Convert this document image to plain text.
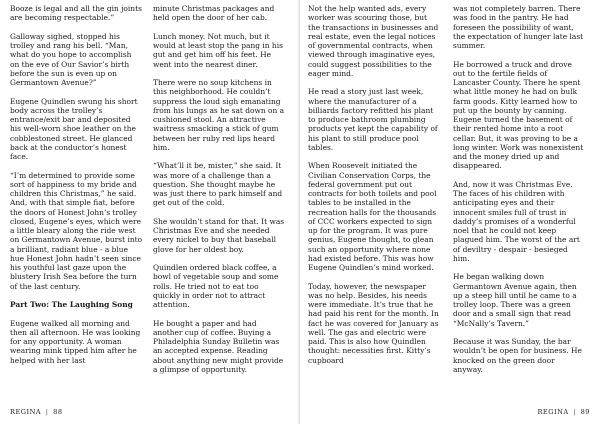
Booze is legal and all the gin joints are becoming respectable.”

Galloway sighed, stopped his trolley and rang his bell. “Man, what do you hope to accomplish on the eve of Our Savior’s birth before the sun is even up on Germantown Avenue?”

Eugene Quindlen swung his short body across the trolley’s entrance/exit bar and deposited his well-worn shoe leather on the cobblestoned street. He glanced back at the conductor’s honest face.

“I’m determined to provide some sort of happiness to my bride and children this Christmas,” he said. And, with that simple fiat, before the doors of Honest John’s trolley closed, Eugene’s eyes, which were a little bleary along the ride west on Germantown Avenue, burst into a brilliant, radiant blue - a blue hue Honest John hadn’t seen since his youthful last gaze upon the blustery Irish Sea before the turn of the last century.

Part Two: The Laughing Song

Eugene walked all morning and then all afternoon. He was looking for any opportunity. A woman wearing mink tipped him after he helped with her last

minute Christmas packages and held open the door of her cab.

Lunch money. Not much, but it would at least stop the pang in his gut and get him off his feet. He went into the nearest diner.

There were no soup kitchens in this neighborhood. He couldn’t suppress the loud sigh emanating from his lungs as he sat down on a cushioned stool. An attractive waitress smacking a stick of gum between her ruby red lips heard him.

“What’ll it be, mister,” she said. It was more of a challenge than a question. She thought maybe he was just there to park himself and get out of the cold.

She wouldn’t stand for that. It was Christmas Eve and she needed every nickel to buy that baseball glove for her oldest boy.

Quindlen ordered black coffee, a bowl of vegetable soup and some rolls. He tried not to eat too quickly in order not to attract attention.

He bought a paper and had another cup of coffee. Buying a Philadelphia Sunday Bulletin was an accepted expense. Reading about anything new might provide a glimpse of opportunity.

REGINA | 88

Not the help wanted ads, every worker was scouring those, but the transactions in businesses and real estate, even the legal notices of governmental contracts, when viewed through imaginative eyes, could suggest possibilities to the eager mind.

He read a story just last week, where the manufacturer of a billiards factory refitted his plant to produce bathroom plumbing products yet kept the capability of his plant to still produce pool tables.

When Roosevelt initiated the Civilian Conservation Corps, the federal government put out contracts for both toilets and pool tables to be installed in the recreation halls for the thousands of CCC workers expected to sign up for the program. It was pure genius, Eugene thought, to glean such an opportunity where none had existed before. This was how Eugene Quindlen’s mind worked.

Today, however, the newspaper was no help. Besides, his needs were immediate. It’s true that he had paid his rent for the month. In fact he was covered for January as well. The gas and electric were paid. This is also how Quindlen thought: necessities first. Kitty’s cupboard

was not completely barren. There was food in the pantry. He had foreseen the possibility of want, the expectation of hunger late last summer.

He borrowed a truck and drove out to the fertile fields of Lancaster County. There he spent what little money he had on bulk farm goods. Kitty learned how to put up the bounty by canning. Eugene turned the basement of their rented home into a root cellar. But, it was proving to be a long winter. Work was nonexistent and the money dried up and disappeared.

And, now it was Christmas Eve. The faces of his children with anticipating eyes and their innocent smiles full of trust in daddy’s promises of a wonderful noel that he could not keep plagued him. The worst of the art of deviltry - despair - besieged him.

He began walking down Germantown Avenue again, then up a steep hill until he came to a trolley loop. There was a green door and a small sign that read “McNally’s Tavern.”

Because it was Sunday, the bar wouldn’t be open for business. He knocked on the green door anyway.

REGINA | 89
